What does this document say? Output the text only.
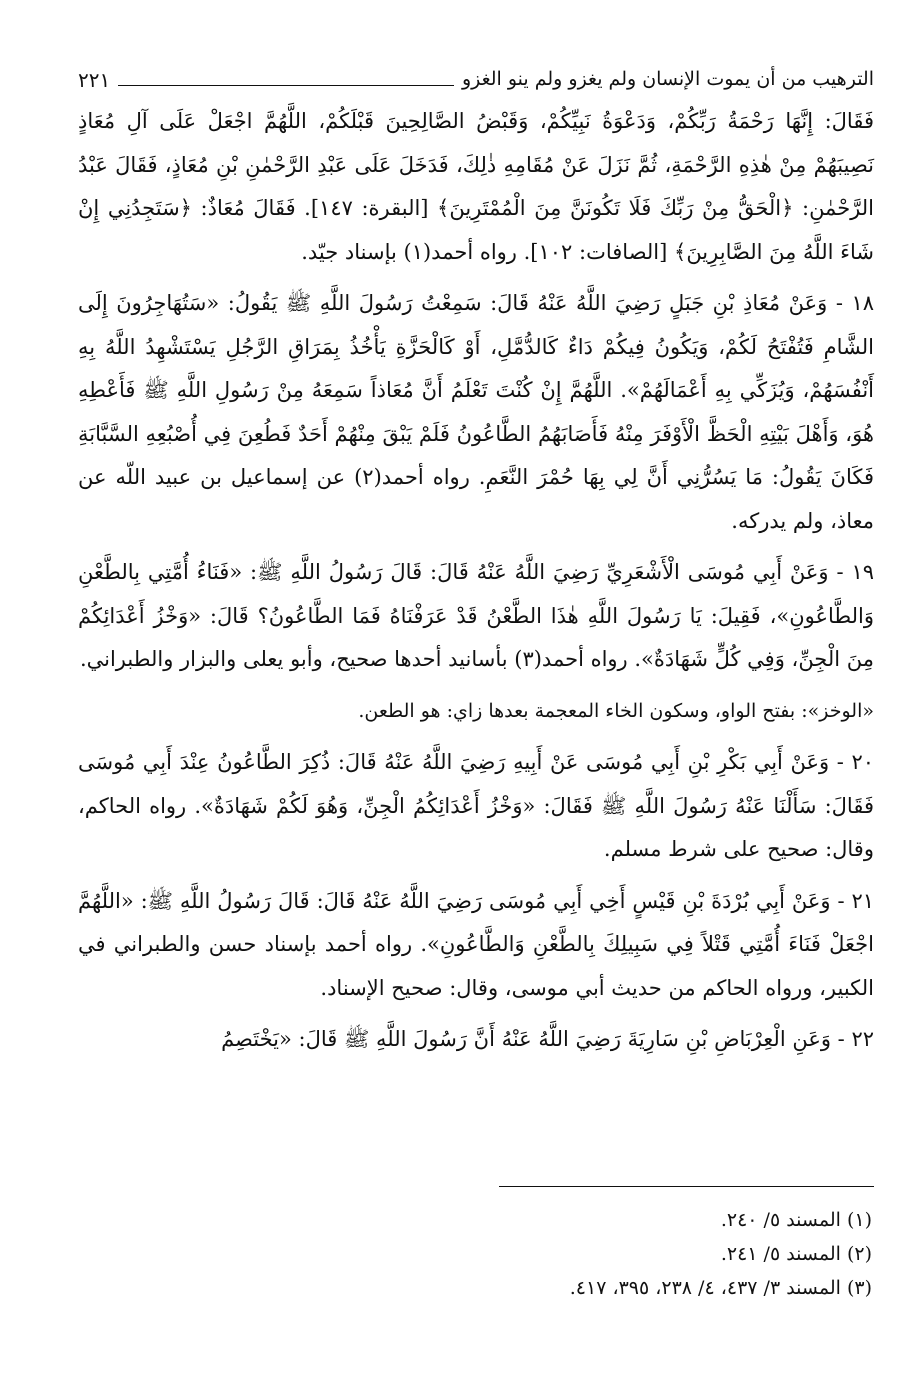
الترهيب من أن يموت الإنسان ولم يغزو ولم ينو الغزو
٢٢١

فَقَالَ: إِنَّهَا رَحْمَةُ رَبِّكُمْ، وَدَعْوَةُ نَبِيِّكُمْ، وَقَبْضُ الصَّالِحِينَ قَبْلَكُمْ، اللَّهُمَّ اجْعَلْ عَلَى آلِ مُعَاذٍ نَصِيبَهُمْ مِنْ هٰذِهِ الرَّحْمَةِ، ثُمَّ نَزَلَ عَنْ مُقَامِهِ ذٰلِكَ، فَدَخَلَ عَلَى عَبْدِ الرَّحْمٰنِ بْنِ مُعَاذٍ، فَقَالَ عَبْدُ الرَّحْمٰنِ: ﴿الْحَقُّ مِنْ رَبِّكَ فَلَا تَكُونَنَّ مِنَ الْمُمْتَرِينَ﴾ [البقرة: ١٤٧]. فَقَالَ مُعَاذٌ: ﴿سَتَجِدُنِي إِنْ شَاءَ اللَّهُ مِنَ الصَّابِرِينَ﴾ [الصافات: ١٠٢]. رواه أحمد(١) بإسناد جيّد.

١٨ - وَعَنْ مُعَاذِ بْنِ جَبَلٍ رَضِيَ اللَّهُ عَنْهُ قَالَ: سَمِعْتُ رَسُولَ اللَّهِ ﷺ يَقُولُ: «سَتُهَاجِرُونَ إِلَى الشَّامِ فَتُفْتَحُ لَكُمْ، وَيَكُونُ فِيكُمْ دَاءٌ كَالدُّمَّلِ، أَوْ كَالْحَزَّةِ يَأْخُذُ بِمَرَاقِ الرَّجُلِ يَسْتَشْهِدُ اللَّهُ بِهِ أَنْفُسَهُمْ، وَيُزَكِّي بِهِ أَعْمَالَهُمْ». اللَّهُمَّ إِنْ كُنْتَ تَعْلَمُ أَنَّ مُعَاذاً سَمِعَهُ مِنْ رَسُولِ اللَّهِ ﷺ فَأَعْطِهِ هُوَ، وَأَهْلَ بَيْتِهِ الْحَظَّ الْأَوْفَرَ مِنْهُ فَأَصَابَهُمُ الطَّاعُونُ فَلَمْ يَبْقَ مِنْهُمْ أَحَدٌ فَطُعِنَ فِي أُصْبُعِهِ السَّبَّابَةِ فَكَانَ يَقُولُ: مَا يَسُرُّنِي أَنَّ لِي بِهَا حُمْرَ النَّعَمِ. رواه أحمد(٢) عن إسماعيل بن عبيد اللّه عن معاذ، ولم يدركه.

١٩ - وَعَنْ أَبِي مُوسَى الْأَشْعَرِيِّ رَضِيَ اللَّهُ عَنْهُ قَالَ: قَالَ رَسُولُ اللَّهِ ﷺ: «فَنَاءُ أُمَّتِي بِالطَّعْنِ وَالطَّاعُونِ»، فَقِيلَ: يَا رَسُولَ اللَّهِ هٰذَا الطَّعْنُ قَدْ عَرَفْنَاهُ فَمَا الطَّاعُونُ؟ قَالَ: «وَخْزُ أَعْدَائِكُمْ مِنَ الْجِنِّ، وَفِي كُلٍّ شَهَادَةٌ». رواه أحمد(٣) بأسانيد أحدها صحيح، وأبو يعلى والبزار والطبراني.

«الوخز»: بفتح الواو، وسكون الخاء المعجمة بعدها زاي: هو الطعن.

٢٠ - وَعَنْ أَبِي بَكْرِ بْنِ أَبِي مُوسَى عَنْ أَبِيهِ رَضِيَ اللَّهُ عَنْهُ قَالَ: ذُكِرَ الطَّاعُونُ عِنْدَ أَبِي مُوسَى فَقَالَ: سَأَلْنَا عَنْهُ رَسُولَ اللَّهِ ﷺ فَقَالَ: «وَخْزُ أَعْدَائِكُمُ الْجِنِّ، وَهُوَ لَكُمْ شَهَادَةٌ». رواه الحاكم، وقال: صحيح على شرط مسلم.

٢١ - وَعَنْ أَبِي بُرْدَةَ بْنِ قَيْسٍ أَخِي أَبِي مُوسَى رَضِيَ اللَّهُ عَنْهُ قَالَ: قَالَ رَسُولُ اللَّهِ ﷺ: «اللَّهُمَّ اجْعَلْ فَنَاءَ أُمَّتِي قَتْلاً فِي سَبِيلِكَ بِالطَّعْنِ وَالطَّاعُونِ». رواه أحمد بإسناد حسن والطبراني في الكبير، ورواه الحاكم من حديث أبي موسى، وقال: صحيح الإسناد.

٢٢ - وَعَنِ الْعِرْبَاضِ بْنِ سَارِيَةَ رَضِيَ اللَّهُ عَنْهُ أَنَّ رَسُولَ اللَّهِ ﷺ قَالَ: «يَخْتَصِمُ

(١) المسند ٥/ ٢٤٠.
(٢) المسند ٥/ ٢٤١.
(٣) المسند ٣/ ٤٣٧، ٤/ ٢٣٨، ٣٩٥، ٤١٧.
